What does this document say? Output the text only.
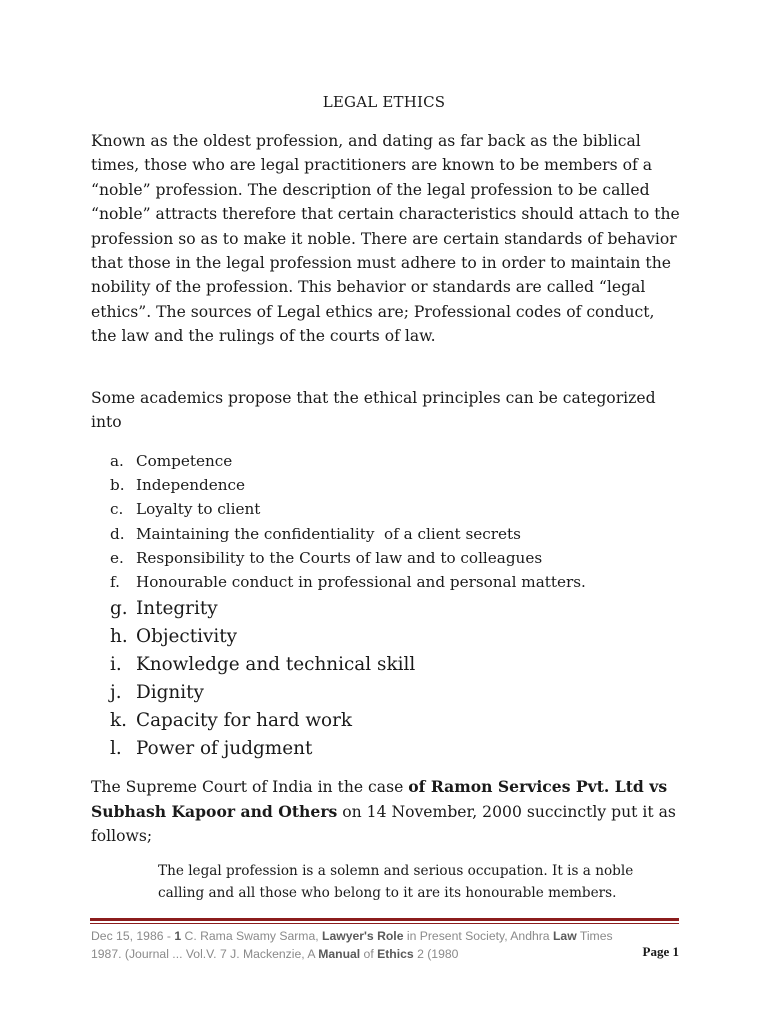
LEGAL ETHICS
Known as the oldest profession, and dating as far back as the biblical times, those who are legal practitioners are known to be members of a “noble” profession. The description of the legal profession to be called “noble” attracts therefore that certain characteristics should attach to the profession so as to make it noble. There are certain standards of behavior that those in the legal profession must adhere to in order to maintain the nobility of the profession. This behavior or standards are called “legal ethics”. The sources of Legal ethics are; Professional codes of conduct, the law and the rulings of the courts of law.
Some academics propose that the ethical principles can be categorized into
a. Competence
b. Independence
c. Loyalty to client
d. Maintaining the confidentiality  of a client secrets
e. Responsibility to the Courts of law and to colleagues
f.	Honourable conduct in professional and personal matters.
g. Integrity
h. Objectivity
i. Knowledge and technical skill
j. Dignity
k. Capacity for hard work
l. Power of judgment
The Supreme Court of India in the case of Ramon Services Pvt. Ltd vs Subhash Kapoor and Others on 14 November, 2000 succinctly put it as follows;
The legal profession is a solemn and serious occupation. It is a noble calling and all those who belong to it are its honourable members.
Dec 15, 1986 - 1 C. Rama Swamy Sarma, Lawyer's Role in Present Society, Andhra Law Times
1987. (Journal ... Vol.V. 7 J. Mackenzie, A Manual of Ethics 2 (1980	Page 1
